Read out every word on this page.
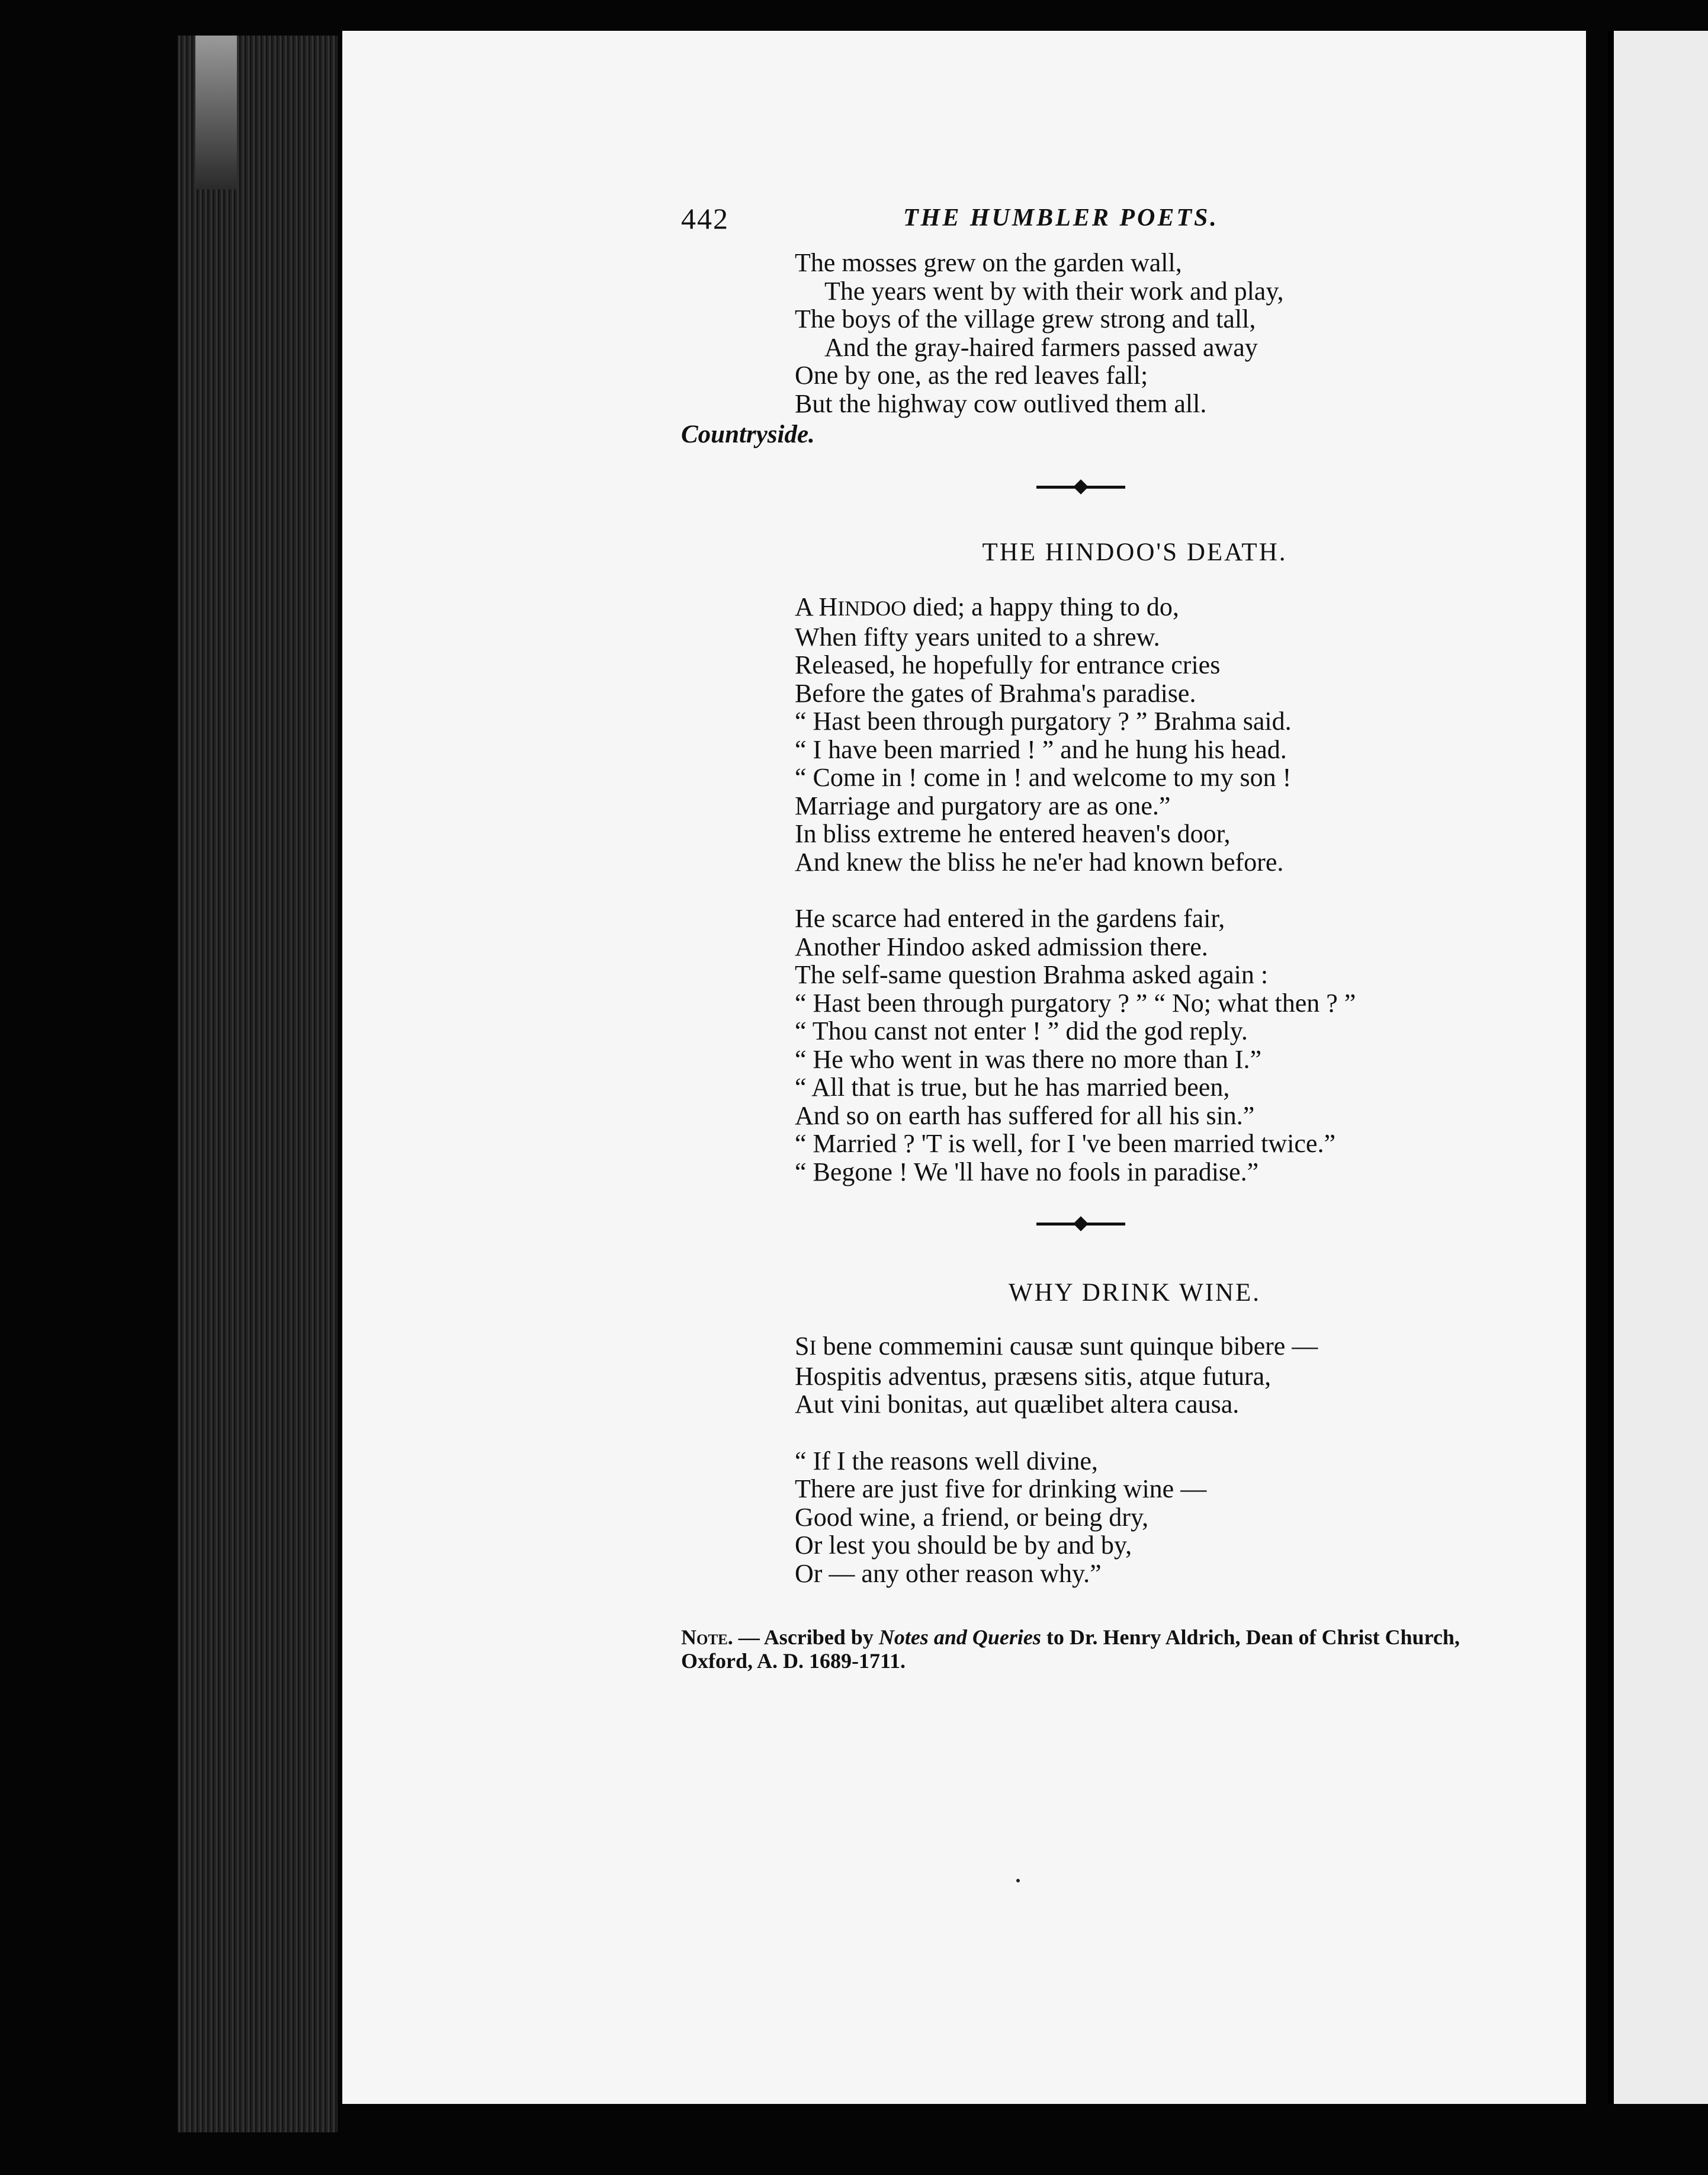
442	THE HUMBLER POETS.
The mosses grew on the garden wall,
The years went by with their work and play,
The boys of the village grew strong and tall,
And the gray-haired farmers passed away
One by one, as the red leaves fall;
But the highway cow outlived them all.
Countryside.
THE HINDOO'S DEATH.
A HINDOO died; a happy thing to do,
When fifty years united to a shrew.
Released, he hopefully for entrance cries
Before the gates of Brahma's paradise.
“ Hast been through purgatory ? ” Brahma said.
“ I have been married ! ” and he hung his head.
“ Come in ! come in ! and welcome to my son !
Marriage and purgatory are as one.”
In bliss extreme he entered heaven's door,
And knew the bliss he ne'er had known before.
He scarce had entered in the gardens fair,
Another Hindoo asked admission there.
The self-same question Brahma asked again :
“ Hast been through purgatory ? ” “ No; what then ? ”
“ Thou canst not enter ! ” did the god reply.
“ He who went in was there no more than I.”
“ All that is true, but he has married been,
And so on earth has suffered for all his sin.”
“ Married ? 'T is well, for I 've been married twice.”
“ Begone ! We 'll have no fools in paradise.”
WHY DRINK WINE.
SI bene commemini causæ sunt quinque bibere —
Hospitis adventus, præsens sitis, atque futura,
Aut vini bonitas, aut quælibet altera causa.
“ If I the reasons well divine,
There are just five for drinking wine —
Good wine, a friend, or being dry,
Or lest you should be by and by,
Or — any other reason why.”
Note. — Ascribed by Notes and Queries to Dr. Henry Aldrich, Dean of Christ Church, Oxford, A. D. 1689-1711.
